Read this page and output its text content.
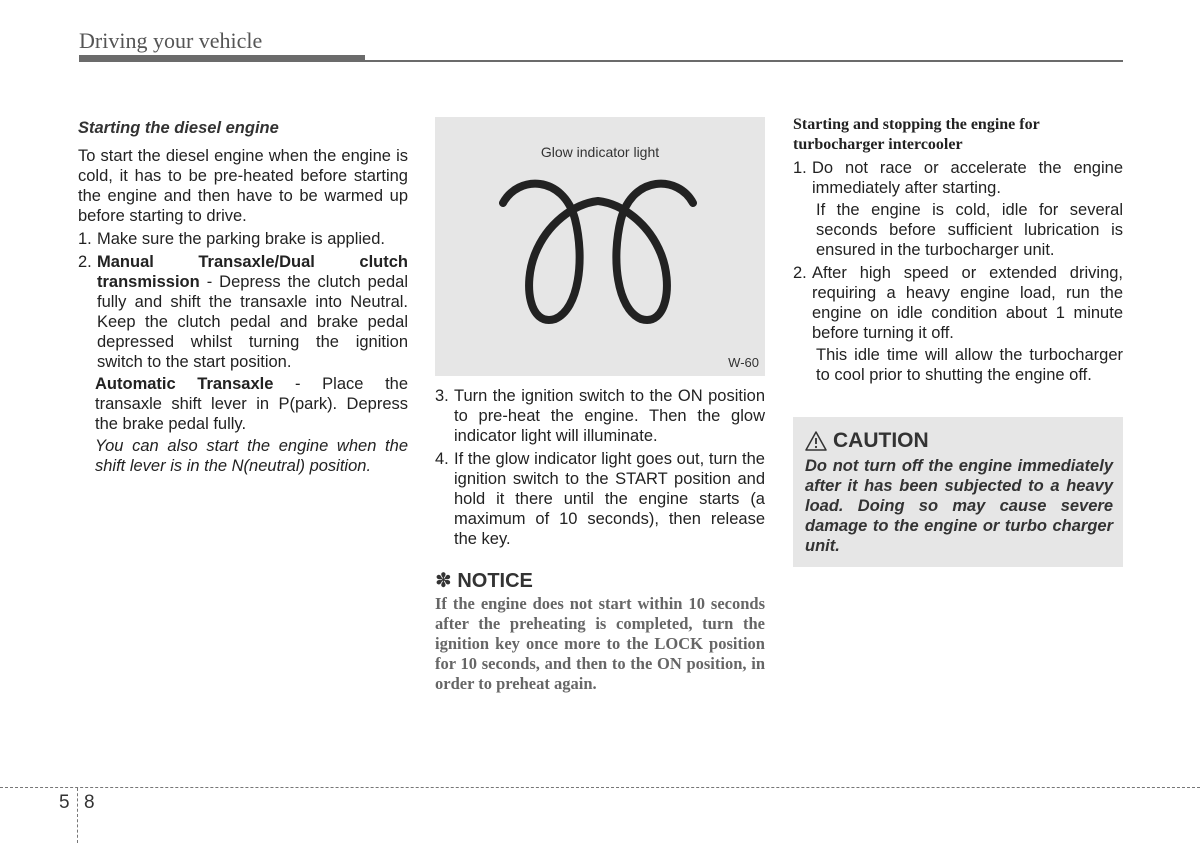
Driving your vehicle
Starting the diesel engine

To start the diesel engine when the engine is cold, it has to be pre-heated before starting the engine and then have to be warmed up before starting to drive.

1. Make sure the parking brake is applied.
2. Manual Transaxle/Dual clutch transmission - Depress the clutch pedal fully and shift the transaxle into Neutral. Keep the clutch pedal and brake pedal depressed whilst turning the ignition switch to the start position.

Automatic Transaxle - Place the transaxle shift lever in P(park). Depress the brake pedal fully.

You can also start the engine when the shift lever is in the N(neutral) position.

Glow indicator light
W-60
3. Turn the ignition switch to the ON position to pre-heat the engine. Then the glow indicator light will illuminate.
4. If the glow indicator light goes out, turn the ignition switch to the START position and hold it there until the engine starts (a maximum of 10 seconds), then release the key.
✽ NOTICE

If the engine does not start within 10 seconds after the preheating is completed, turn the ignition key once more to the LOCK position for 10 seconds, and then to the ON position, in order to preheat again.

Starting and stopping the engine for turbocharger intercooler
1. Do not race or accelerate the engine immediately after starting.

If the engine is cold, idle for several seconds before sufficient lubrication is ensured in the turbocharger unit.

2. After high speed or extended driving, requiring a heavy engine load, run the engine on idle condition about 1 minute before turning it off.

This idle time will allow the turbocharger to cool prior to shutting the engine off.

CAUTION

Do not turn off the engine immediately after it has been subjected to a heavy load. Doing so may cause severe damage to the engine or turbo charger unit.

5 8
